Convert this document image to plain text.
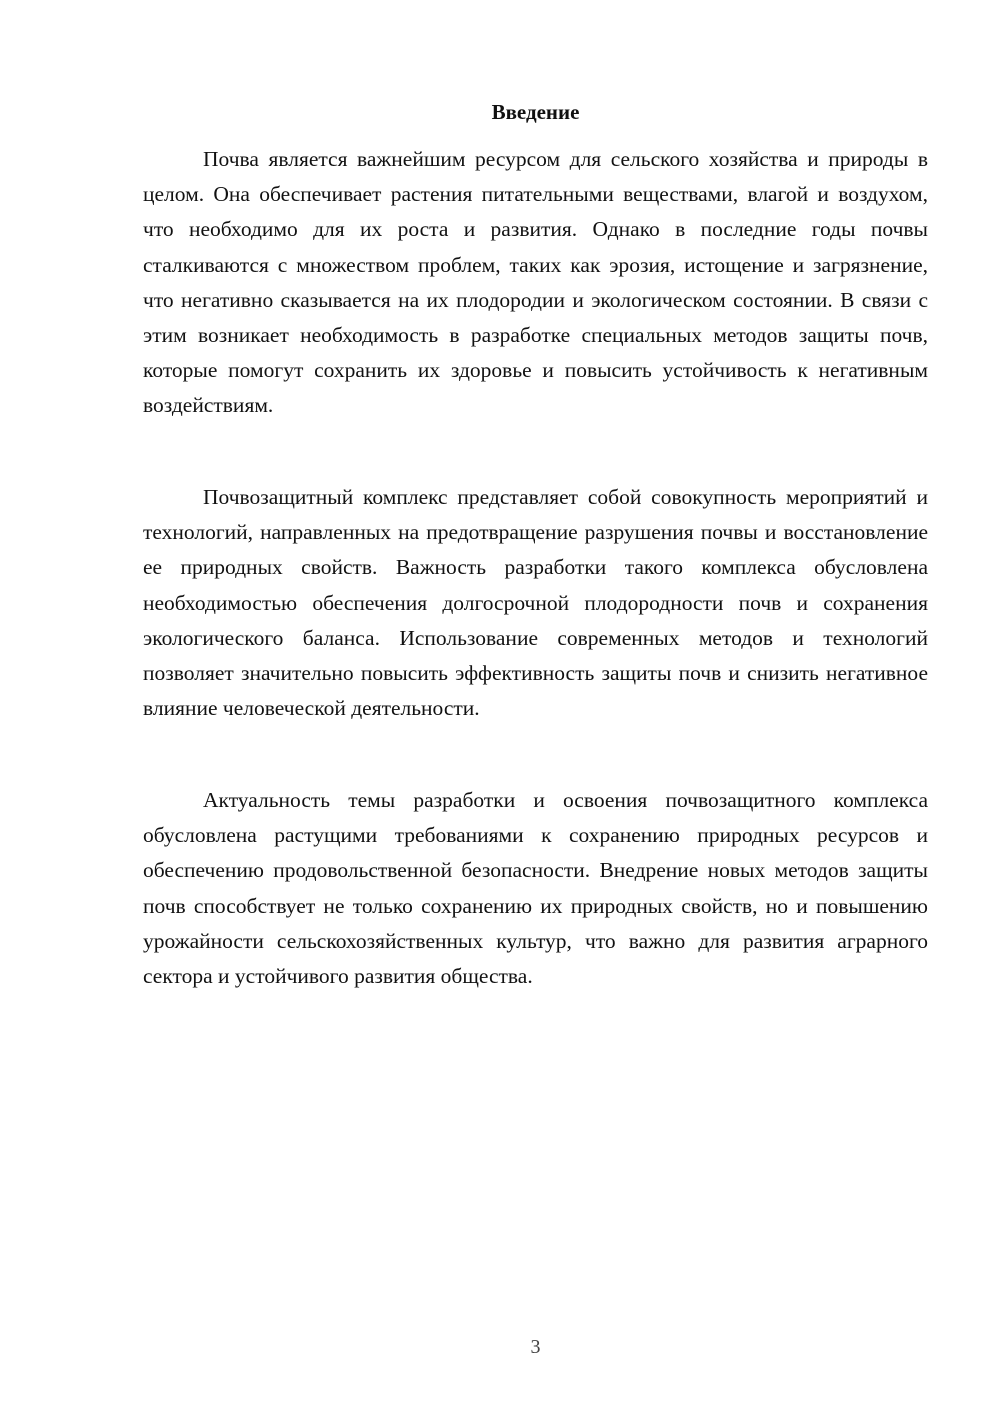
Введение

Почва является важнейшим ресурсом для сельского хозяйства и природы в целом. Она обеспечивает растения питательными веществами, влагой и воздухом, что необходимо для их роста и развития. Однако в последние годы почвы сталкиваются с множеством проблем, таких как эрозия, истощение и загрязнение, что негативно сказывается на их плодородии и экологическом состоянии. В связи с этим возникает необходимость в разработке специальных методов защиты почв, которые помогут сохранить их здоровье и повысить устойчивость к негативным воздействиям.

Почвозащитный комплекс представляет собой совокупность мероприятий и технологий, направленных на предотвращение разрушения почвы и восстановление ее природных свойств. Важность разработки такого комплекса обусловлена необходимостью обеспечения долгосрочной плодородности почв и сохранения экологического баланса. Использование современных методов и технологий позволяет значительно повысить эффективность защиты почв и снизить негативное влияние человеческой деятельности.

Актуальность темы разработки и освоения почвозащитного комплекса обусловлена растущими требованиями к сохранению природных ресурсов и обеспечению продовольственной безопасности. Внедрение новых методов защиты почв способствует не только сохранению их природных свойств, но и повышению урожайности сельскохозяйственных культур, что важно для развития аграрного сектора и устойчивого развития общества.

3
